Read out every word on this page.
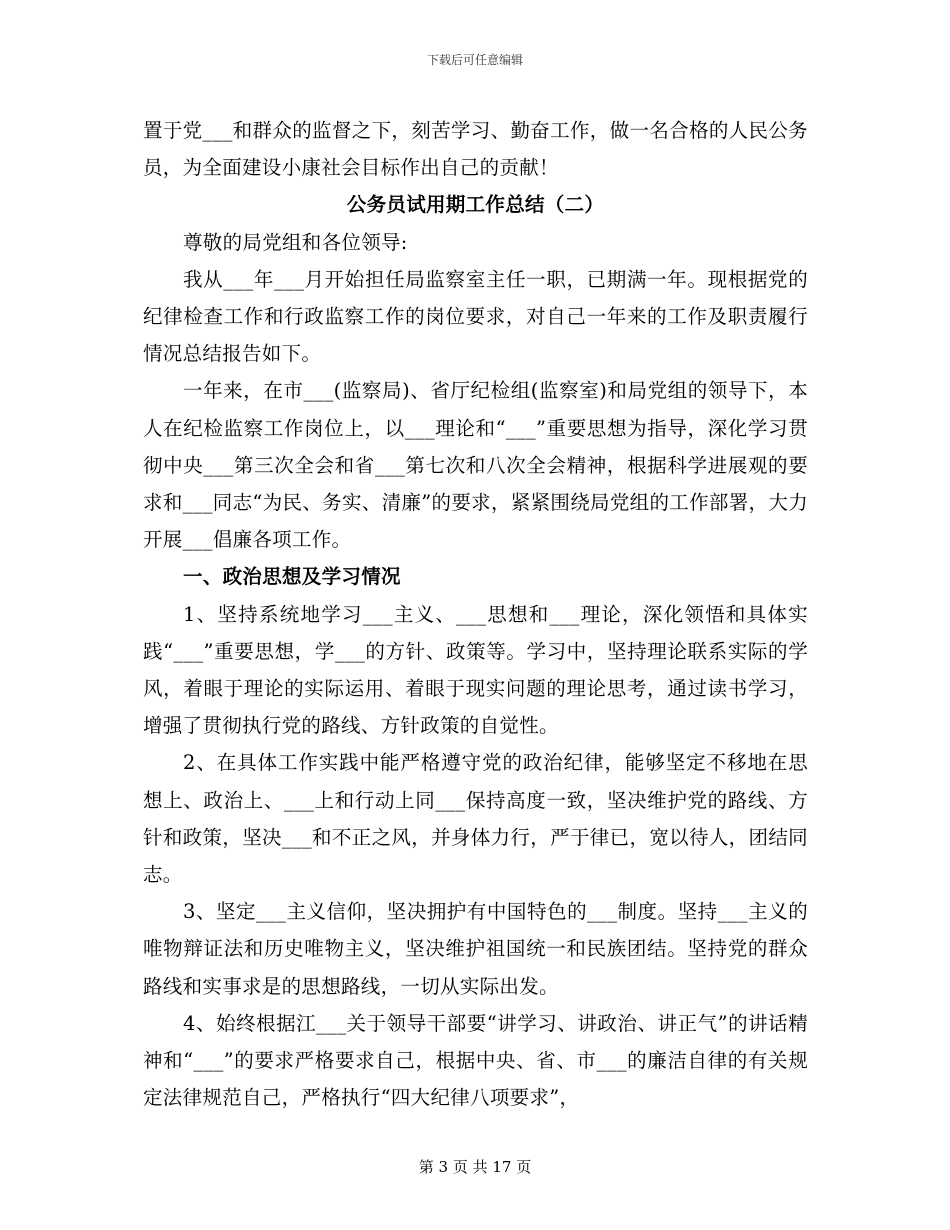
下载后可任意编辑

置于党___和群众的监督之下，刻苦学习、勤奋工作，做一名合格的人民公务员，为全面建设小康社会目标作出自己的贡献！

公务员试用期工作总结（二）

尊敬的局党组和各位领导:

我从___年___月开始担任局监察室主任一职，已期满一年。现根据党的纪律检查工作和行政监察工作的岗位要求，对自己一年来的工作及职责履行情况总结报告如下。

一年来，在市___(监察局)、省厅纪检组(监察室)和局党组的领导下，本人在纪检监察工作岗位上，以___理论和“___”重要思想为指导，深化学习贯彻中央___第三次全会和省___第七次和八次全会精神，根据科学进展观的要求和___同志“为民、务实、清廉”的要求，紧紧围绕局党组的工作部署，大力开展___倡廉各项工作。

一、政治思想及学习情况

1、坚持系统地学习___主义、___思想和___理论，深化领悟和具体实践“___”重要思想，学___的方针、政策等。学习中，坚持理论联系实际的学风，着眼于理论的实际运用、着眼于现实问题的理论思考，通过读书学习，增强了贯彻执行党的路线、方针政策的自觉性。

2、在具体工作实践中能严格遵守党的政治纪律，能够坚定不移地在思想上、政治上、___上和行动上同___保持高度一致，坚决维护党的路线、方针和政策，坚决___和不正之风，并身体力行，严于律已，宽以待人，团结同志。

3、坚定___主义信仰，坚决拥护有中国特色的___制度。坚持___主义的唯物辩证法和历史唯物主义，坚决维护祖国统一和民族团结。坚持党的群众路线和实事求是的思想路线，一切从实际出发。

4、始终根据江___关于领导干部要“讲学习、讲政治、讲正气”的讲话精神和“___”的要求严格要求自己，根据中央、省、市___的廉洁自律的有关规定法律规范自己，严格执行“四大纪律八项要求”，

第 3 页 共 17 页
